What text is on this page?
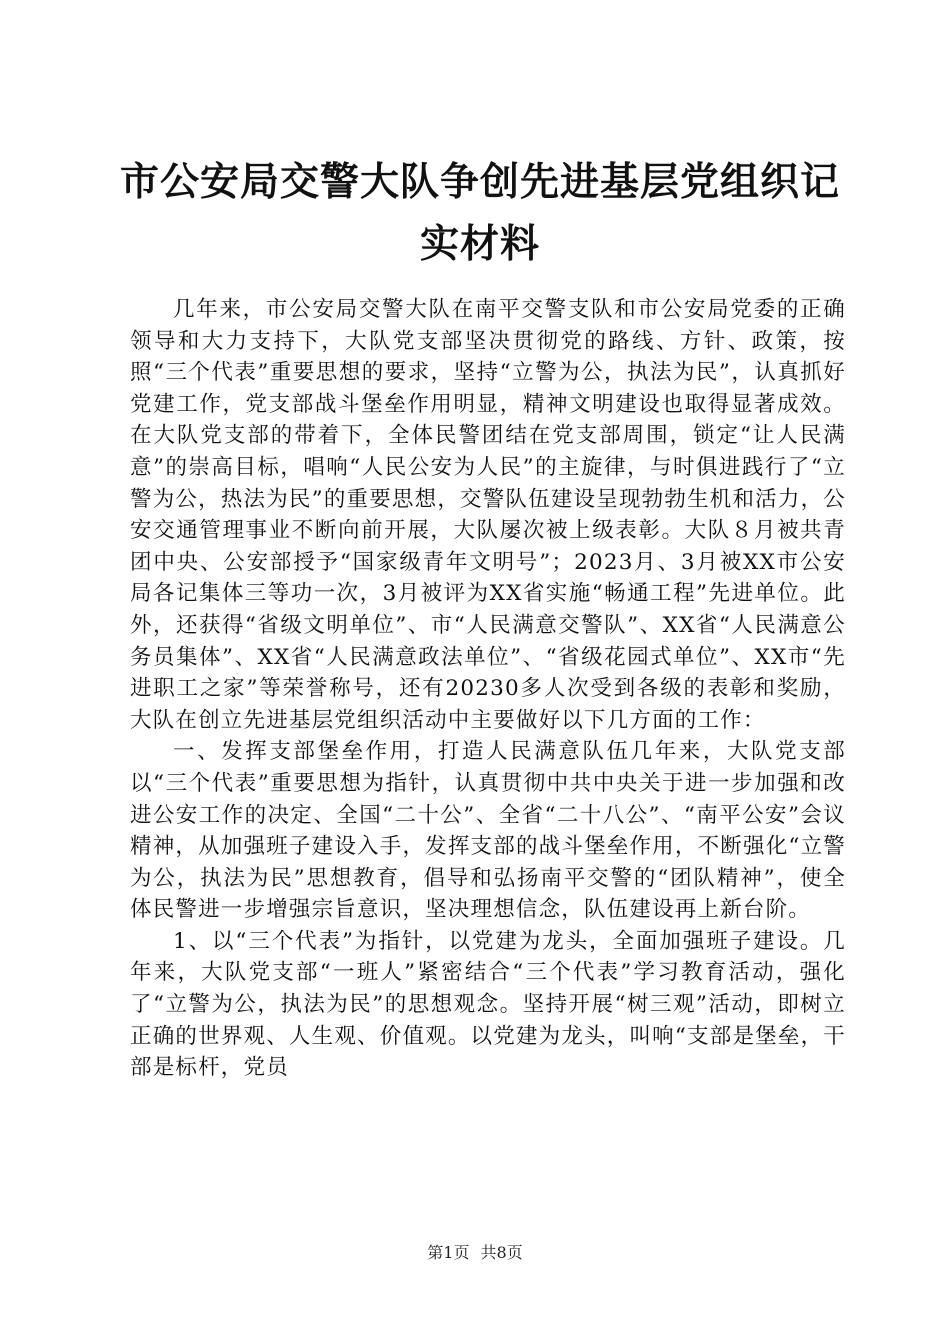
市公安局交警大队争创先进基层党组织记实材料

几年来，市公安局交警大队在南平交警支队和市公安局党委的正确领导和大力支持下，大队党支部坚决贯彻党的路线、方针、政策，按照“三个代表”重要思想的要求，坚持“立警为公，执法为民”，认真抓好党建工作，党支部战斗堡垒作用明显，精神文明建设也取得显著成效。在大队党支部的带着下，全体民警团结在党支部周围，锁定“让人民满意”的崇高目标，唱响“人民公安为人民”的主旋律，与时俱进践行了“立警为公，热法为民”的重要思想，交警队伍建设呈现勃勃生机和活力，公安交通管理事业不断向前开展，大队屡次被上级表彰。大队８月被共青团中央、公安部授予“国家级青年文明号”；2023月、3月被XX市公安局各记集体三等功一次，3月被评为XX省实施“畅通工程”先进单位。此外，还获得“省级文明单位”、市“人民满意交警队”、XX省“人民满意公务员集体”、XX省“人民满意政法单位”、“省级花园式单位”、XX市“先进职工之家”等荣誉称号，还有20230多人次受到各级的表彰和奖励，大队在创立先进基层党组织活动中主要做好以下几方面的工作：

一、发挥支部堡垒作用，打造人民满意队伍几年来，大队党支部以“三个代表”重要思想为指针，认真贯彻中共中央关于进一步加强和改进公安工作的决定、全国“二十公”、全省“二十八公”、“南平公安”会议精神，从加强班子建设入手，发挥支部的战斗堡垒作用，不断强化“立警为公，执法为民”思想教育，倡导和弘扬南平交警的“团队精神”，使全体民警进一步增强宗旨意识，坚决理想信念，队伍建设再上新台阶。

1、以“三个代表”为指针，以党建为龙头，全面加强班子建设。几年来，大队党支部“一班人”紧密结合“三个代表”学习教育活动，强化了“立警为公，执法为民”的思想观念。坚持开展“树三观”活动，即树立正确的世界观、人生观、价值观。以党建为龙头，叫响“支部是堡垒，干部是标杆，党员

第1页 共8页
